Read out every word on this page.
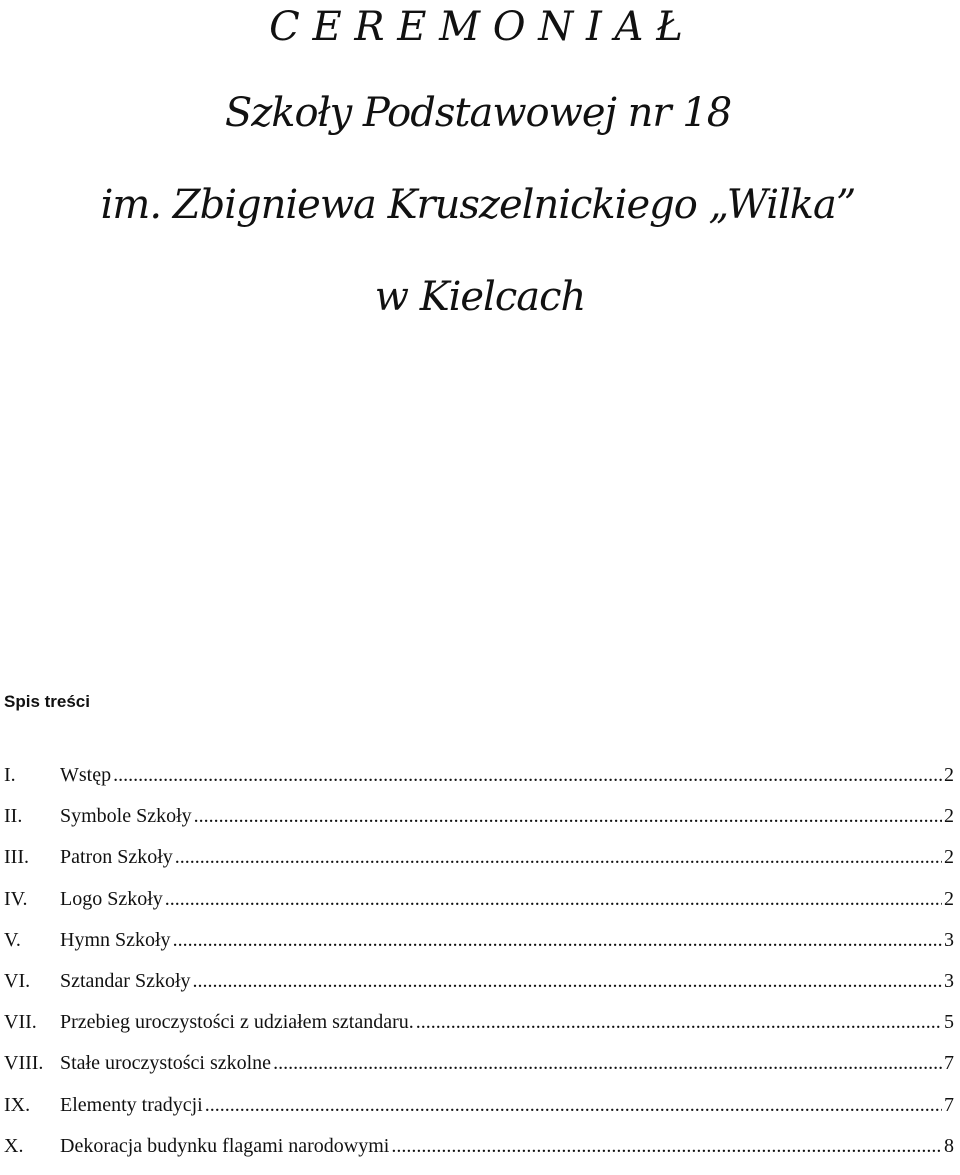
C E R E M O N I A Ł
Szkoły Podstawowej nr 18
im. Zbigniewa Kruszelnickiego „Wilka”
w Kielcach
Spis treści
I.	Wstęp .....	2
II.	Symbole Szkoły .....	2
III.	Patron Szkoły .....	2
IV.	Logo Szkoły .....	2
V.	Hymn Szkoły .....	3
VI.	Sztandar Szkoły .....	3
VII.	Przebieg uroczystości z udziałem sztandaru. .....	5
VIII. Stałe uroczystości szkolne .....	7
IX.	Elementy tradycji .....	7
X.	Dekoracja budynku flagami narodowymi .....	8
